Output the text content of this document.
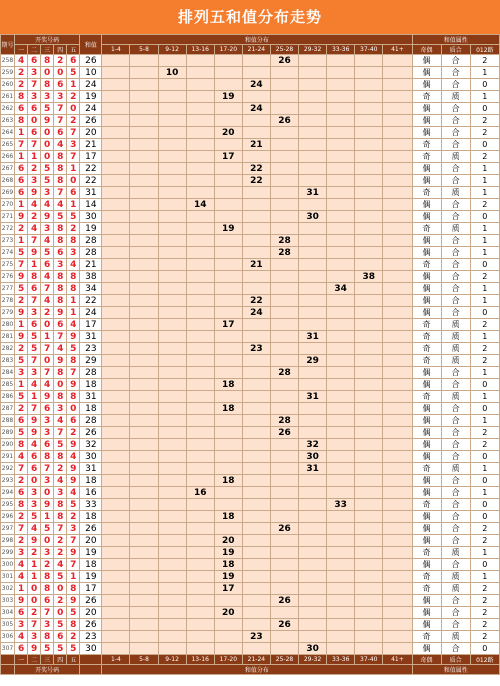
排列五和值分布走势
期号	开奖号码					和值	和值分布											和值属性		
	一	二	三	四	五		1-4	5-8	9-12	13-16	17-20	21-24	25-28	29-32	33-36	37-40	41+	奇偶	质合	012路
258	4	6	8	2	6	26							26					偶	合	2
259	2	3	0	0	5	10			10									偶	合	1
260	2	7	8	6	1	24						24						偶	合	0
261	8	3	3	3	2	19					19							奇	质	1
262	6	6	5	7	0	24						24						偶	合	0
263	8	0	9	7	2	26							26					偶	合	2
264	1	6	0	6	7	20					20							偶	合	2
265	7	7	0	4	3	21						21						奇	合	0
266	1	1	0	8	7	17					17							奇	质	2
267	6	2	5	8	1	22						22						偶	合	1
268	6	3	5	8	0	22						22						偶	合	1
269	6	9	3	7	6	31								31				奇	质	1
270	1	4	4	4	1	14				14								偶	合	2
271	9	2	9	5	5	30								30				偶	合	0
272	2	4	3	8	2	19					19							奇	质	1
273	1	7	4	8	8	28							28					偶	合	1
274	5	9	5	6	3	28							28					偶	合	1
275	7	1	6	3	4	21						21						奇	合	0
276	9	8	4	8	8	38										38		偶	合	2
277	5	6	7	8	8	34									34			偶	合	1
278	2	7	4	8	1	22						22						偶	合	1
279	9	3	2	9	1	24						24						偶	合	0
280	1	6	0	6	4	17					17							奇	质	2
281	9	5	1	7	9	31								31				奇	质	1
282	2	5	7	4	5	23						23						奇	质	2
283	5	7	0	9	8	29								29				奇	质	2
284	3	3	7	8	7	28							28					偶	合	1
285	1	4	4	0	9	18					18							偶	合	0
286	5	1	9	8	8	31								31				奇	质	1
287	2	7	6	3	0	18					18							偶	合	0
288	6	9	3	4	6	28							28					偶	合	1
289	5	9	3	7	2	26							26					偶	合	2
290	8	4	6	5	9	32								32				偶	合	2
291	4	6	8	8	4	30								30				偶	合	0
292	7	6	7	2	9	31								31				奇	质	1
293	2	0	3	4	9	18					18							偶	合	0
294	6	3	0	3	4	16				16								偶	合	1
295	8	3	9	8	5	33									33			奇	合	0
296	2	5	1	8	2	18					18							偶	合	0
297	7	4	5	7	3	26							26					偶	合	2
298	2	9	0	2	7	20					20							偶	合	2
299	3	2	3	2	9	19					19							奇	质	1
300	4	1	2	4	7	18					18							偶	合	0
301	4	1	8	5	1	19					19							奇	质	1
302	1	0	8	0	8	17					17							奇	质	2
303	9	0	6	2	9	26							26					偶	合	2
304	6	2	7	0	5	20					20							偶	合	2
305	3	7	3	5	8	26							26					偶	合	2
306	4	3	8	6	2	23						23						奇	质	2
307	6	9	5	5	5	30								30				偶	合	0
	一	二	三	四	五		1-4	5-8	9-12	13-16	17-20	21-24	25-28	29-32	33-36	37-40	41+	奇偶	质合	012路
	开奖号码						和值分布											和值属性		
